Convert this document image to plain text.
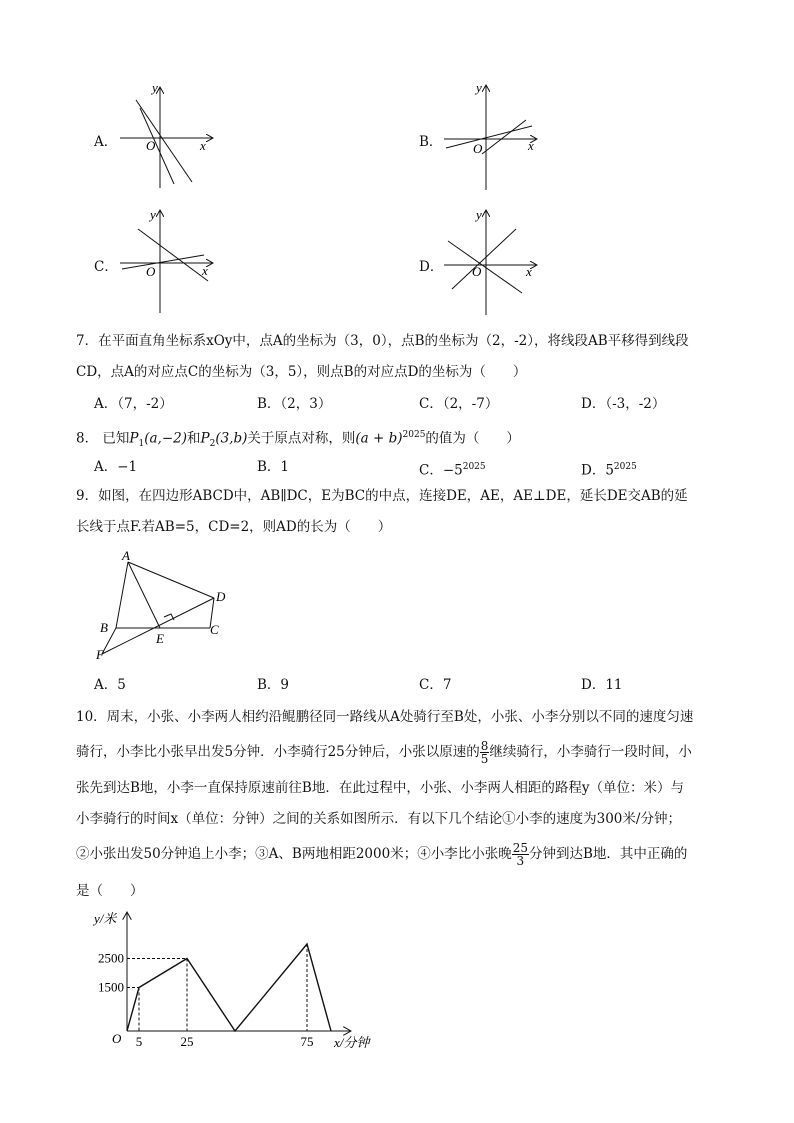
A．
y
x
O	B．
y
x
O
C．
y
x
O	D．
y
x
O
7．在平面直角坐标系xOy中，点A的坐标为（3，0），点B的坐标为（2，-2），将线段AB平移得到线段
CD，点A的对应点C的坐标为（3，5），则点B的对应点D的坐标为（　　）
A．（7，-2）	B．（2，3）	C．（2，-7）	D．（-3，-2）
8． 已知$P_1(a,-2)$和$P_2(3,b)$关于原点对称，则$(a + b)^{2025}$的值为（　　）
A．−1	B．1	C．$-5^{2025}$	D．$5^{2025}$
9．如图，在四边形ABCD中，AB∥DC，E为BC的中点，连接DE，AE，AE⊥DE，延长DE交AB的延
长线于点F.若AB=5，CD=2，则AD的长为（　　）
A
B	C
D
E
F
A．5	B．9	C．7	D．11
10．周末，小张、小李两人相约沿鲲鹏径同一路线从A处骑行至B处，小张、小李分别以不同的速度匀速
骑行，小李比小张早出发5分钟．小李骑行25分钟后，小张以原速的 $\frac{8}{5}$ 继续骑行，小李骑行一段时间，小
张先到达B地，小李一直保持原速前往B地．在此过程中，小张、小李两人相距的路程y（单位：米）与
小李骑行的时间x（单位：分钟）之间的关系如图所示．有以下几个结论①小李的速度为300米/分钟；
②小张出发50分钟追上小李；③A、B两地相距2000米；④小李比小张晚 $\frac{25}{3}$ 分钟到达B地．其中正确的
是（　　）
y/米
x/分钟
O
2500
1500
5	25	75
